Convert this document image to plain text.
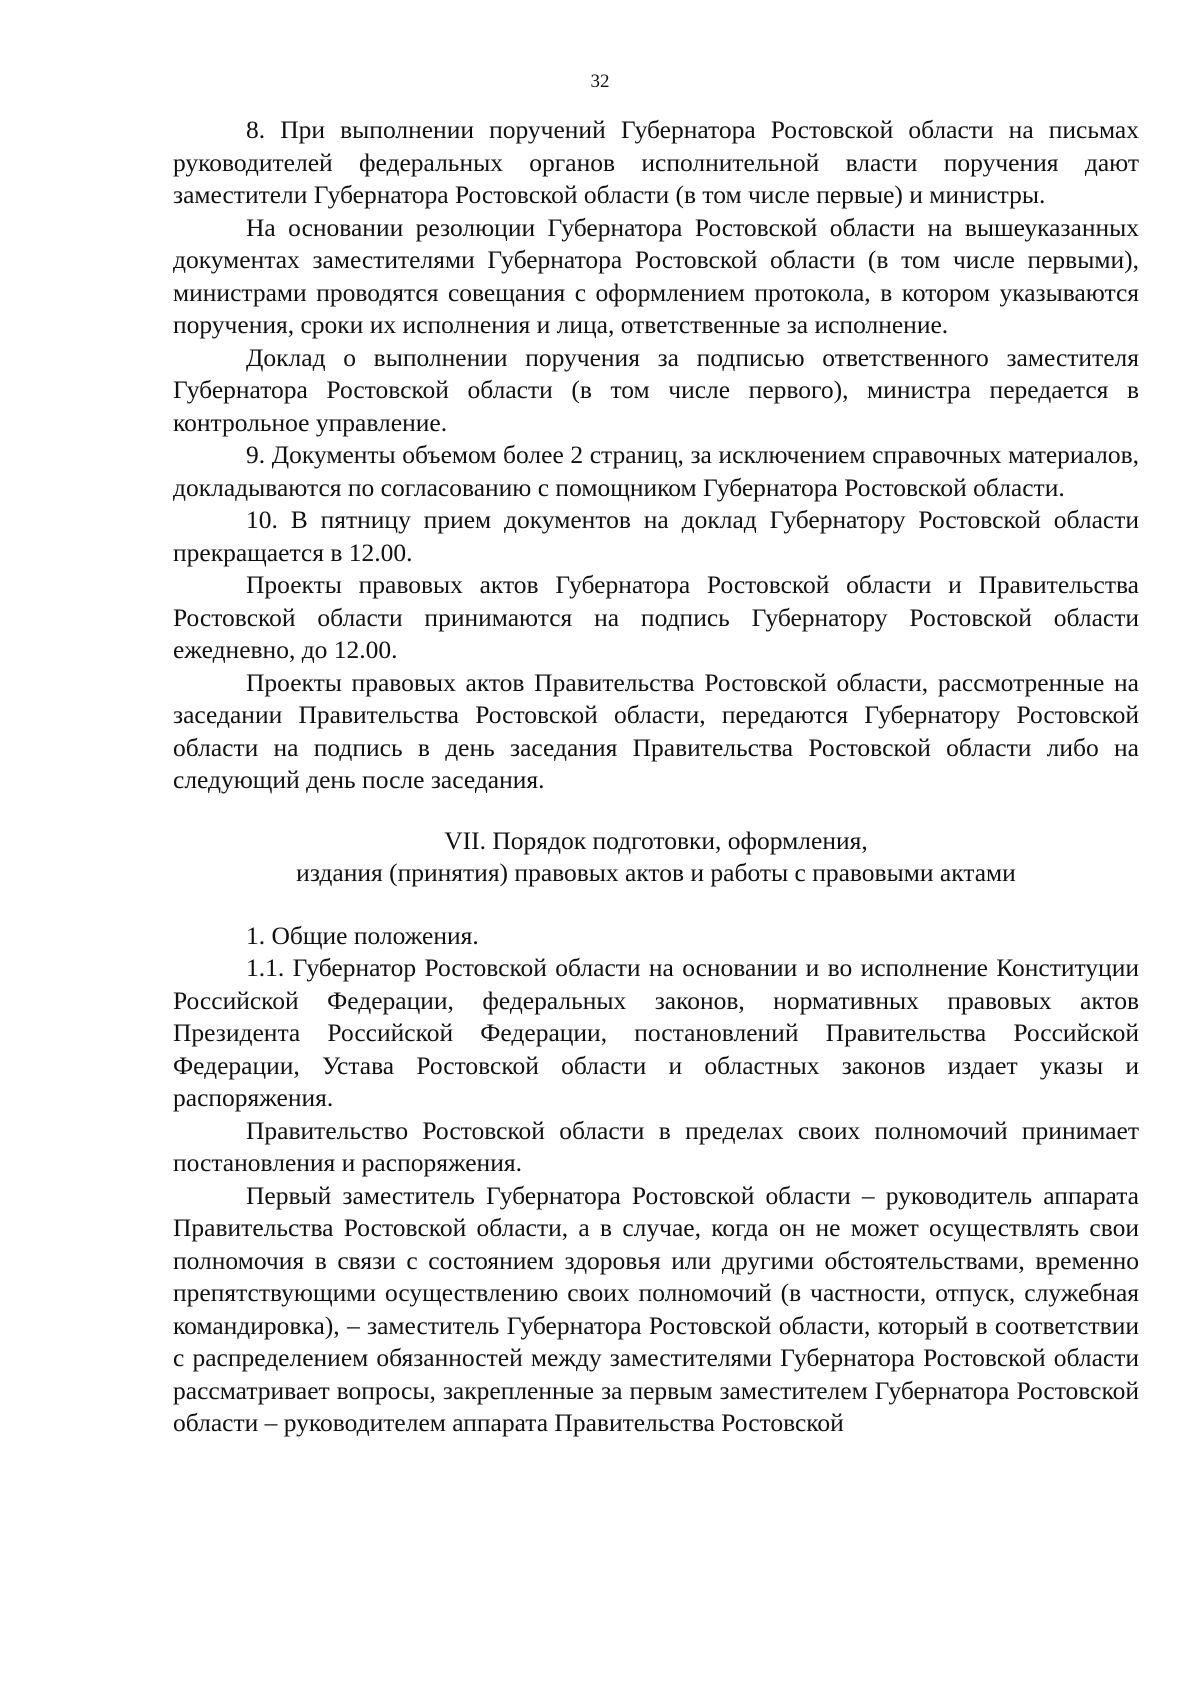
32

8. При выполнении поручений Губернатора Ростовской области на письмах руководителей федеральных органов исполнительной власти поручения дают заместители Губернатора Ростовской области (в том числе первые) и министры.

На основании резолюции Губернатора Ростовской области на вышеуказанных документах заместителями Губернатора Ростовской области (в том числе первыми), министрами проводятся совещания с оформлением протокола, в котором указываются поручения, сроки их исполнения и лица, ответственные за исполнение.

Доклад о выполнении поручения за подписью ответственного заместителя Губернатора Ростовской области (в том числе первого), министра передается в контрольное управление.

9. Документы объемом более 2 страниц, за исключением справочных материалов, докладываются по согласованию с помощником Губернатора Ростовской области.

10. В пятницу прием документов на доклад Губернатору Ростовской области прекращается в 12.00.

Проекты правовых актов Губернатора Ростовской области и Правительства Ростовской области принимаются на подпись Губернатору Ростовской области ежедневно, до 12.00.

Проекты правовых актов Правительства Ростовской области, рассмотренные на заседании Правительства Ростовской области, передаются Губернатору Ростовской области на подпись в день заседания Правительства Ростовской области либо на следующий день после заседания.

VII. Порядок подготовки, оформления,
издания (принятия) правовых актов и работы с правовыми актами

1. Общие положения.

1.1. Губернатор Ростовской области на основании и во исполнение Конституции Российской Федерации, федеральных законов, нормативных правовых актов Президента Российской Федерации, постановлений Правительства Российской Федерации, Устава Ростовской области и областных законов издает указы и распоряжения.

Правительство Ростовской области в пределах своих полномочий принимает постановления и распоряжения.

Первый заместитель Губернатора Ростовской области – руководитель аппарата Правительства Ростовской области, а в случае, когда он не может осуществлять свои полномочия в связи с состоянием здоровья или другими обстоятельствами, временно препятствующими осуществлению своих полномочий (в частности, отпуск, служебная командировка), – заместитель Губернатора Ростовской области, который в соответствии с распределением обязанностей между заместителями Губернатора Ростовской области рассматривает вопросы, закрепленные за первым заместителем Губернатора Ростовской области – руководителем аппарата Правительства Ростовской
